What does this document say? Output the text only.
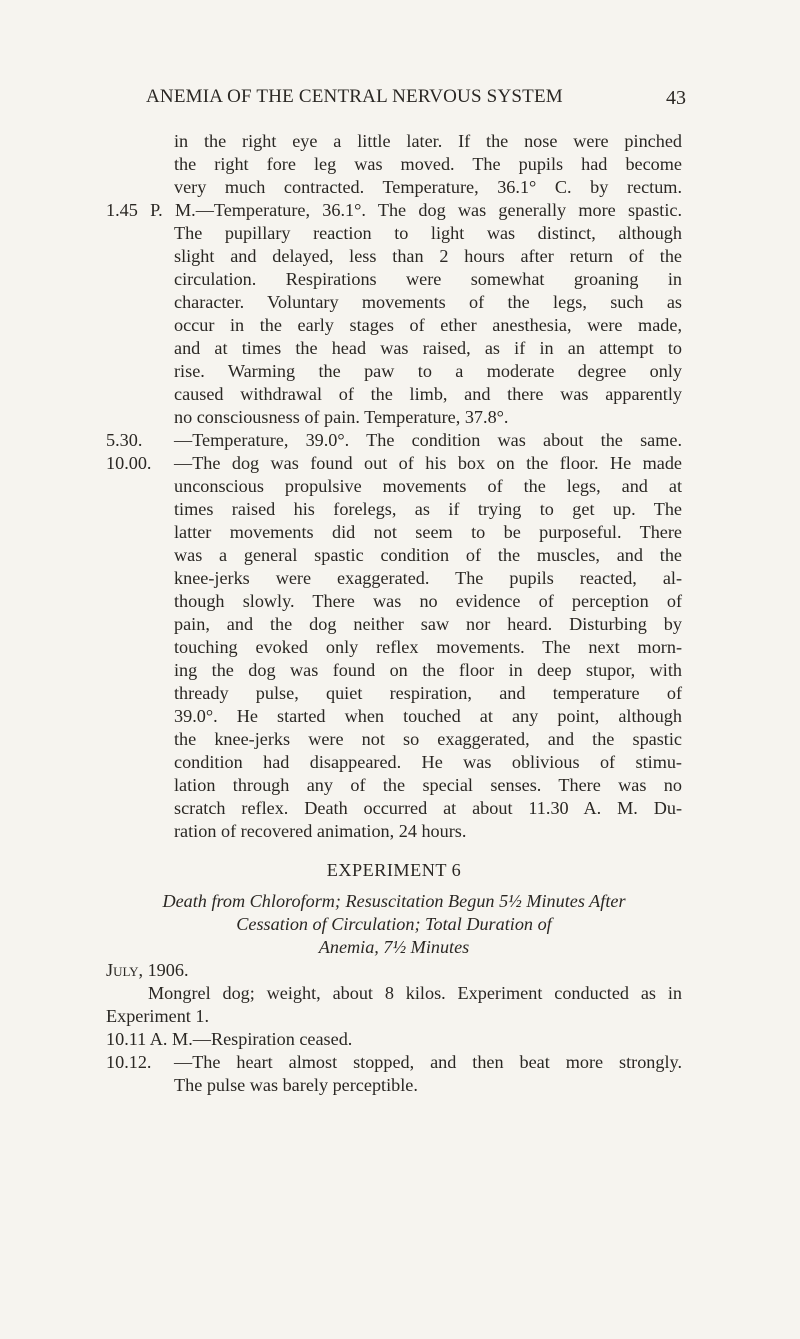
ANEMIA OF THE CENTRAL NERVOUS SYSTEM	43
in the right eye a little later. If the nose were pinched
the right fore leg was moved. The pupils had become
very much contracted. Temperature, 36.1° C. by rectum.
1.45 P. M.—Temperature, 36.1°. The dog was generally more spastic.
The pupillary reaction to light was distinct, although
slight and delayed, less than 2 hours after return of the
circulation. Respirations were somewhat groaning in
character. Voluntary movements of the legs, such as
occur in the early stages of ether anesthesia, were made,
and at times the head was raised, as if in an attempt to
rise. Warming the paw to a moderate degree only
caused withdrawal of the limb, and there was apparently
no consciousness of pain. Temperature, 37.8°.
5.30. —Temperature, 39.0°. The condition was about the same.
10.00. —The dog was found out of his box on the floor. He made
unconscious propulsive movements of the legs, and at
times raised his forelegs, as if trying to get up. The
latter movements did not seem to be purposeful. There
was a general spastic condition of the muscles, and the
knee-jerks were exaggerated. The pupils reacted, al-
though slowly. There was no evidence of perception of
pain, and the dog neither saw nor heard. Disturbing by
touching evoked only reflex movements. The next morn-
ing the dog was found on the floor in deep stupor, with
thready pulse, quiet respiration, and temperature of
39.0°. He started when touched at any point, although
the knee-jerks were not so exaggerated, and the spastic
condition had disappeared. He was oblivious of stimu-
lation through any of the special senses. There was no
scratch reflex. Death occurred at about 11.30 A. M. Du-
ration of recovered animation, 24 hours.
EXPERIMENT 6
Death from Chloroform; Resuscitation Begun 5½ Minutes After
Cessation of Circulation; Total Duration of
Anemia, 7½ Minutes
July, 1906.
Mongrel dog; weight, about 8 kilos. Experiment conducted as in
Experiment 1.
10.11 A. M.—Respiration ceased.
10.12. —The heart almost stopped, and then beat more strongly.
The pulse was barely perceptible.
